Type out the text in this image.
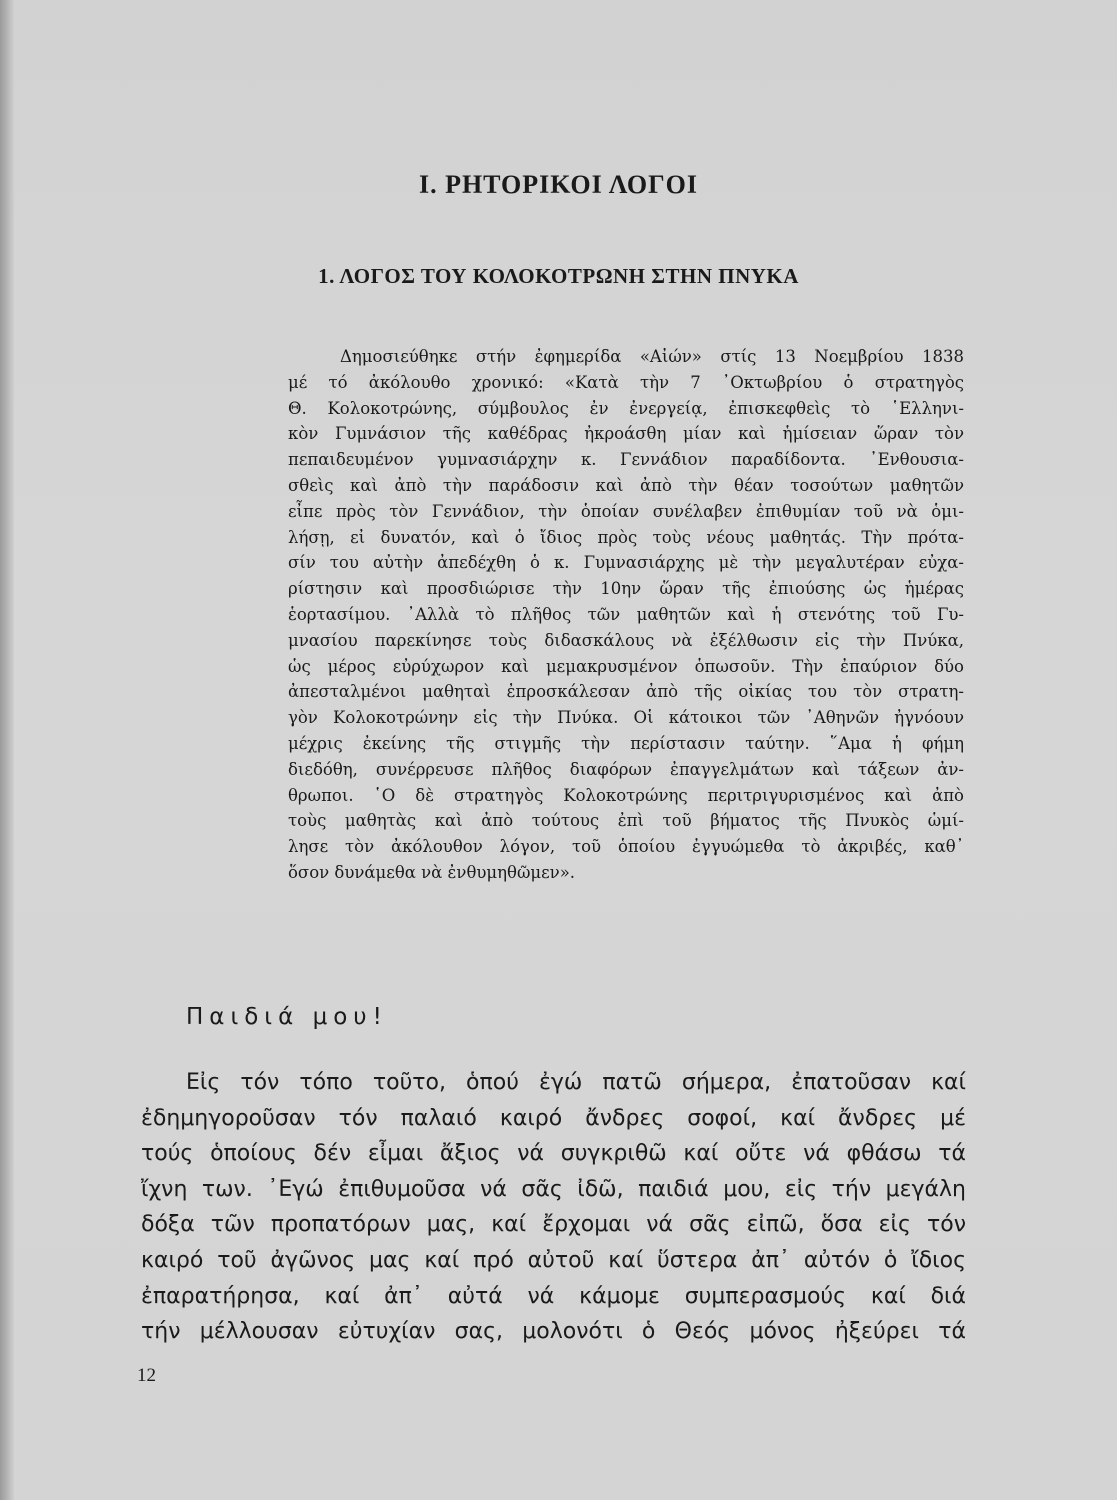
Ι. ΡΗΤΟΡΙΚΟΙ ΛΟΓΟΙ
1. ΛΟΓΟΣ ΤΟΥ ΚΟΛΟΚΟΤΡΩΝΗ ΣΤΗΝ ΠΝΥΚΑ
Δημοσιεύθηκε στήν ἐφημερίδα «Αἰών» στίς 13 Νοεμβρίου 1838
μέ τό ἀκόλουθο χρονικό: «Κατὰ τὴν 7 ᾿Οκτωβρίου ὁ στρατηγὸς
Θ. Κολοκοτρώνης, σύμβουλος ἐν ἐνεργείᾳ, ἐπισκεφθεὶς τὸ ῾Ελληνι-
κὸν Γυμνάσιον τῆς καθέδρας ἠκροάσθη μίαν καὶ ἡμίσειαν ὥραν τὸν
πεπαιδευμένον γυμνασιάρχην κ. Γεννάδιον παραδίδοντα. ᾿Ενθουσια-
σθεὶς καὶ ἀπὸ τὴν παράδοσιν καὶ ἀπὸ τὴν θέαν τοσούτων μαθητῶν
εἶπε πρὸς τὸν Γεννάδιον, τὴν ὁποίαν συνέλαβεν ἐπιθυμίαν τοῦ νὰ ὁμι-
λήσῃ, εἰ δυνατόν, καὶ ὁ ἴδιος πρὸς τοὺς νέους μαθητάς. Τὴν πρότα-
σίν του αὐτὴν ἀπεδέχθη ὁ κ. Γυμνασιάρχης μὲ τὴν μεγαλυτέραν εὐχα-
ρίστησιν καὶ προσδιώρισε τὴν 10ην ὥραν τῆς ἐπιούσης ὡς ἡμέρας
ἑορτασίμου. ᾿Αλλὰ τὸ πλῆθος τῶν μαθητῶν καὶ ἡ στενότης τοῦ Γυ-
μνασίου παρεκίνησε τοὺς διδασκάλους νὰ ἐξέλθωσιν εἰς τὴν Πνύκα,
ὡς μέρος εὐρύχωρον καὶ μεμακρυσμένον ὁπωσοῦν. Τὴν ἐπαύριον δύο
ἀπεσταλμένοι μαθηταὶ ἐπροσκάλεσαν ἀπὸ τῆς οἰκίας του τὸν στρατη-
γὸν Κολοκοτρώνην εἰς τὴν Πνύκα. Οἱ κάτοικοι τῶν ᾿Αθηνῶν ἠγνόουν
μέχρις ἐκείνης τῆς στιγμῆς τὴν περίστασιν ταύτην. ῞Αμα ἡ φήμη
διεδόθη, συνέρρευσε πλῆθος διαφόρων ἐπαγγελμάτων καὶ τάξεων ἀν-
θρωποι. ῾Ο δὲ στρατηγὸς Κολοκοτρώνης περιτριγυρισμένος καὶ ἀπὸ
τοὺς μαθητὰς καὶ ἀπὸ τούτους ἐπὶ τοῦ βήματος τῆς Πνυκὸς ὡμί-
λησε τὸν ἀκόλουθον λόγον, τοῦ ὁποίου ἐγγυώμεθα τὸ ἀκριβές, καθ᾿
ὅσον δυνάμεθα νὰ ἐνθυμηθῶμεν».
Παιδιά μου!
Εἰς τόν τόπο τοῦτο, ὁπού ἐγώ πατῶ σήμερα, ἐπατοῦσαν καί
ἐδημηγοροῦσαν τόν παλαιό καιρό ἄνδρες σοφοί, καί ἄνδρες μέ
τούς ὁποίους δέν εἶμαι ἄξιος νά συγκριθῶ καί οὔτε νά φθάσω τά
ἴχνη των. ᾿Εγώ ἐπιθυμοῦσα νά σᾶς ἰδῶ, παιδιά μου, εἰς τήν μεγάλη
δόξα τῶν προπατόρων μας, καί ἔρχομαι νά σᾶς εἰπῶ, ὅσα εἰς τόν
καιρό τοῦ ἀγῶνος μας καί πρό αὐτοῦ καί ὕστερα ἀπ᾿ αὐτόν ὁ ἴδιος
ἐπαρατήρησα, καί ἀπ᾿ αὐτά νά κάμομε συμπερασμούς καί διά
τήν μέλλουσαν εὐτυχίαν σας, μολονότι ὁ Θεός μόνος ἠξεύρει τά
12
